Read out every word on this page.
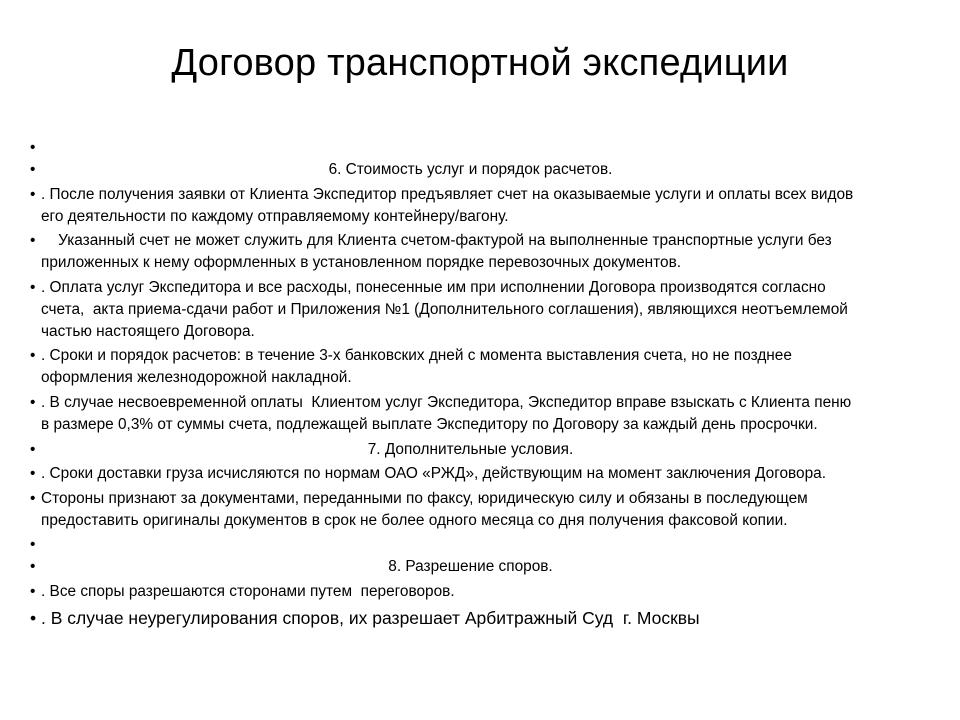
Договор транспортной экспедиции
•
•	6. Стоимость услуг и порядок расчетов.
• . После получения заявки от Клиента Экспедитор предъявляет счет на оказываемые услуги и оплаты всех видов
его деятельности по каждому отправляемому контейнеру/вагону.
• Указанный счет не может служить для Клиента счетом-фактурой на выполненные транспортные услуги без
приложенных к нему оформленных в установленном порядке перевозочных документов.
• . Оплата услуг Экспедитора и все расходы, понесенные им при исполнении Договора производятся согласно
счета,  акта приема-сдачи работ и Приложения №1 (Дополнительного соглашения), являющихся неотъемлемой
частью настоящего Договора.
• . Сроки и порядок расчетов: в течение 3-х банковских дней с момента выставления счета, но не позднее
оформления железнодорожной накладной.
• . В случае несвоевременной оплаты  Клиентом услуг Экспедитора, Экспедитор вправе взыскать с Клиента пеню
в размере 0,3% от суммы счета, подлежащей выплате Экспедитору по Договору за каждый день просрочки.
•	7. Дополнительные условия.
• . Сроки доставки груза исчисляются по нормам ОАО «РЖД», действующим на момент заключения Договора.
• Стороны признают за документами, переданными по факсу, юридическую силу и обязаны в последующем
предоставить оригиналы документов в срок не более одного месяца со дня получения факсовой копии.
•
•	8. Разрешение споров.
• . Все споры разрешаются сторонами путем  переговоров.
• . В случае неурегулирования споров, их разрешает Арбитражный Суд  г. Москвы
